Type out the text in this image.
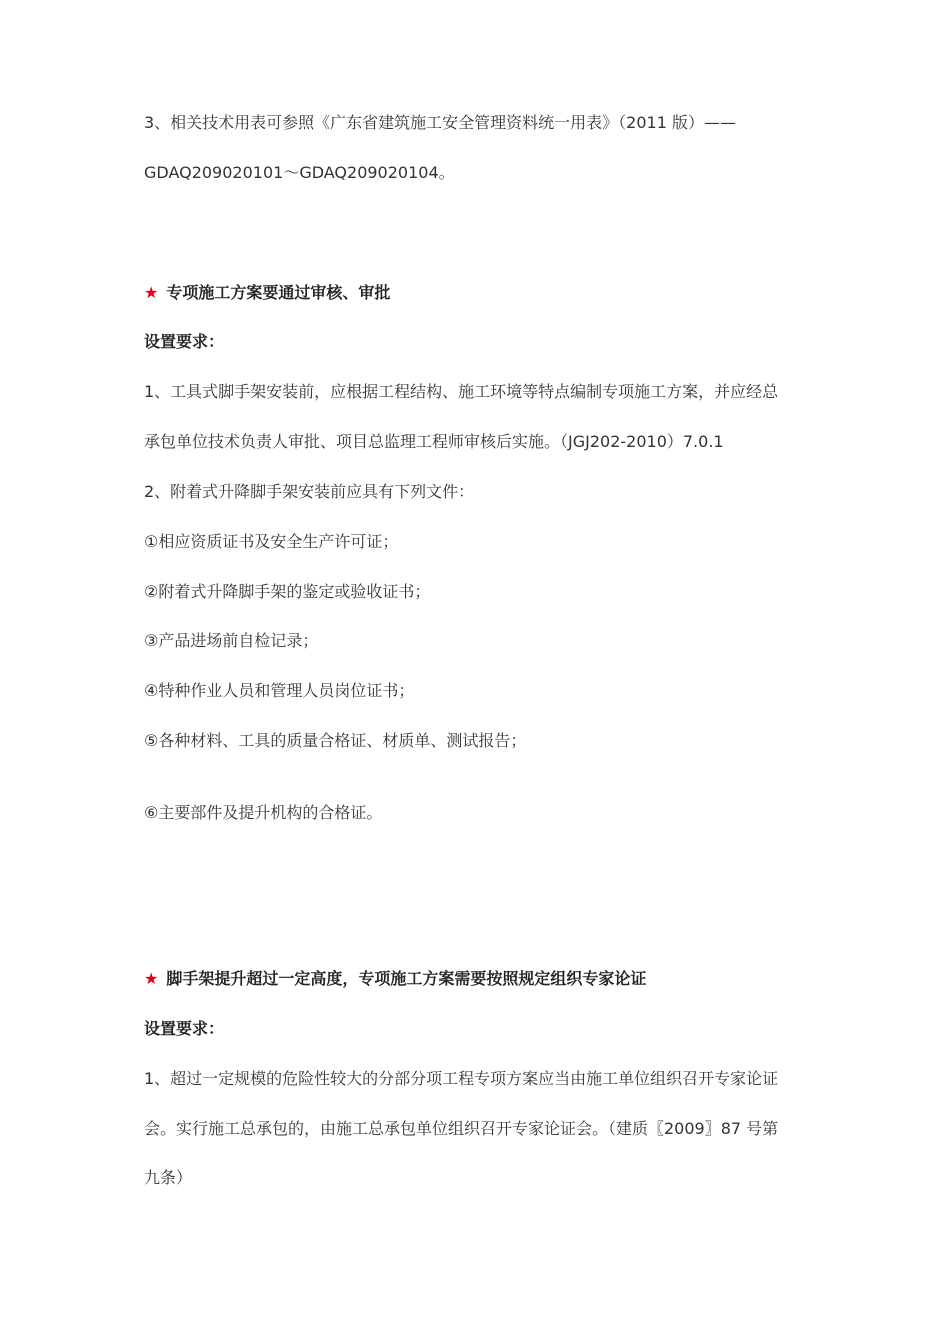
3、相关技术用表可参照《广东省建筑施工安全管理资料统一用表》（2011 版）——
GDAQ209020101～GDAQ209020104。
★ 专项施工方案要通过审核、审批
设置要求：
1、工具式脚手架安装前，应根据工程结构、施工环境等特点编制专项施工方案，并应经总
承包单位技术负责人审批、项目总监理工程师审核后实施。（JGJ202-2010）7.0.1
2、附着式升降脚手架安装前应具有下列文件：
①相应资质证书及安全生产许可证；
②附着式升降脚手架的鉴定或验收证书；
③产品进场前自检记录；
④特种作业人员和管理人员岗位证书；
⑤各种材料、工具的质量合格证、材质单、测试报告；
⑥主要部件及提升机构的合格证。
★ 脚手架提升超过一定高度，专项施工方案需要按照规定组织专家论证
设置要求：
1、超过一定规模的危险性较大的分部分项工程专项方案应当由施工单位组织召开专家论证
会。实行施工总承包的，由施工总承包单位组织召开专家论证会。（建质〖2009〗87 号第
九条）
